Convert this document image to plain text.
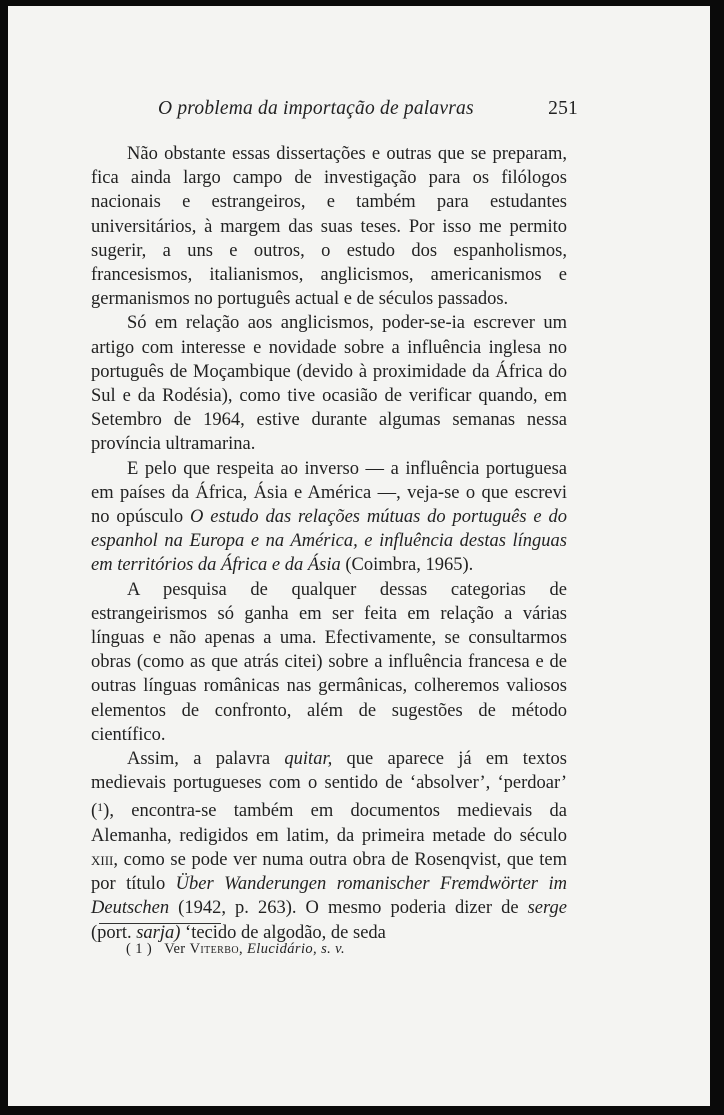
O problema da importação de palavras	251

Não obstante essas dissertações e outras que se preparam, fica ainda largo campo de investigação para os filólogos nacionais e estrangeiros, e também para estudantes universitários, à margem das suas teses. Por isso me permito sugerir, a uns e outros, o estudo dos espanholismos, francesismos, italianismos, anglicismos, americanismos e germanismos no português actual e de séculos passados.

Só em relação aos anglicismos, poder-se-ia escrever um artigo com interesse e novidade sobre a influência inglesa no português de Moçambique (devido à proximidade da África do Sul e da Rodésia), como tive ocasião de verificar quando, em Setembro de 1964, estive durante algumas semanas nessa província ultramarina.

E pelo que respeita ao inverso — a influência portuguesa em países da África, Ásia e América —, veja-se o que escrevi no opúsculo O estudo das relações mútuas do português e do espanhol na Europa e na América, e influência destas línguas em territórios da África e da Ásia (Coimbra, 1965).

A pesquisa de qualquer dessas categorias de estrangeirismos só ganha em ser feita em relação a várias línguas e não apenas a uma. Efectivamente, se consultarmos obras (como as que atrás citei) sobre a influência francesa e de outras línguas românicas nas germânicas, colheremos valiosos elementos de confronto, além de sugestões de método científico.

Assim, a palavra quitar, que aparece já em textos medievais portugueses com o sentido de ‘absolver’, ‘perdoar’ ($^1$), encontra-se também em documentos medievais da Alemanha, redigidos em latim, da primeira metade do século xiii, como se pode ver numa outra obra de Rosenqvist, que tem por título Über Wanderungen romanischer Fremdwörter im Deutschen (1942, p. 263). O mesmo poderia dizer de serge (port. sarja) ‘tecido de algodão, de seda

( 1 ) Ver Viterbo, Elucidário, s. v.
